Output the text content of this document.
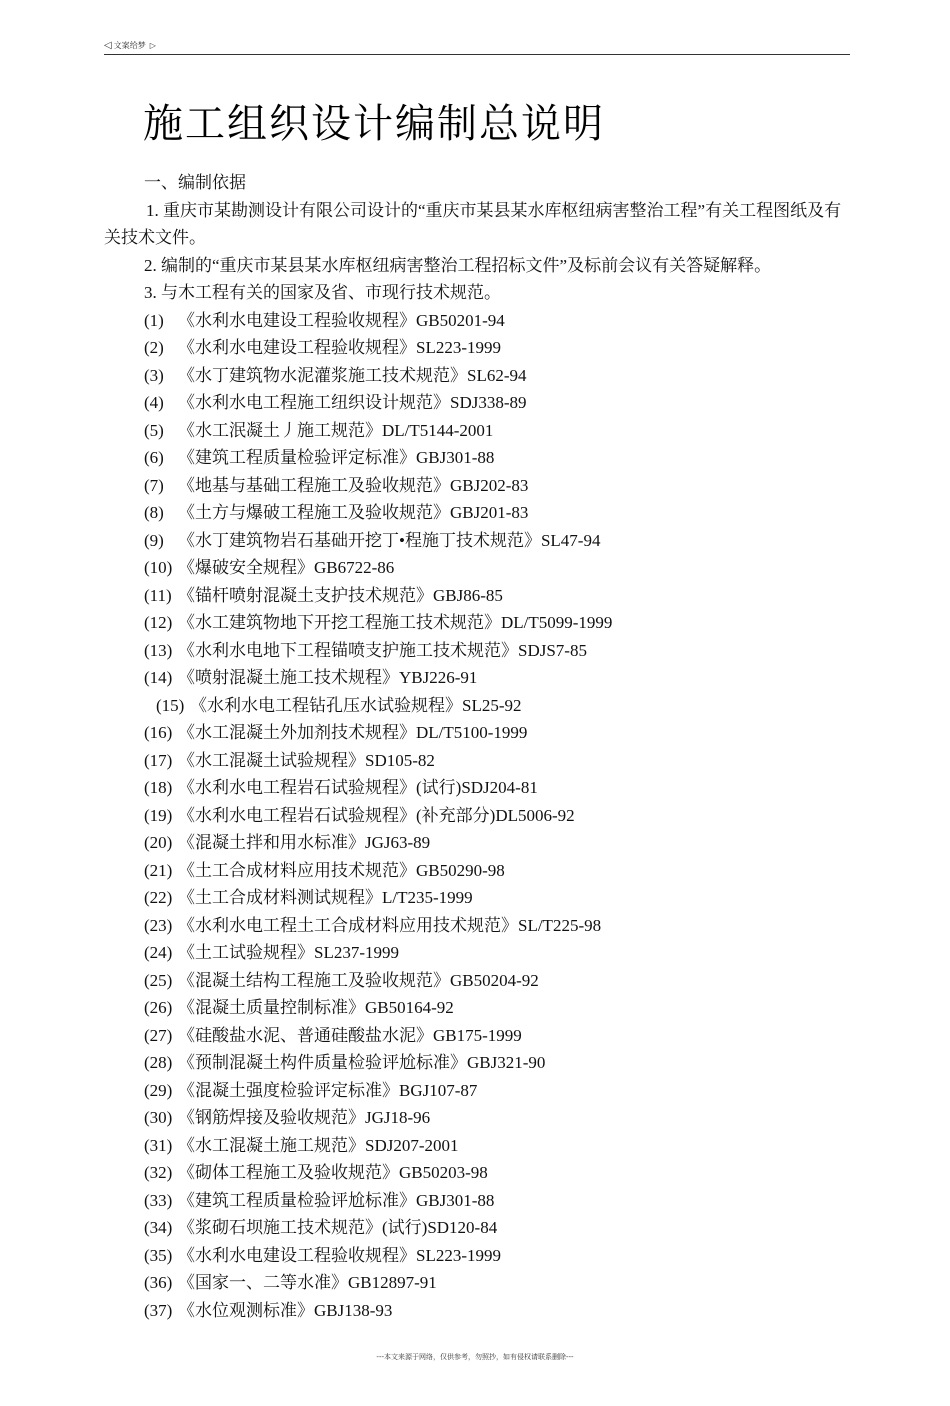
◁ 文案给梦 ▷
施工组织设计编制总说明

一、编制依据

1. 重庆市某勘测设计有限公司设计的“重庆市某县某水库枢纽病害整治工程”有关工程图纸及有关技术文件。

2. 编制的“重庆市某县某水库枢纽病害整治工程招标文件”及标前会议有关答疑解释。

3. 与木工程有关的国家及省、市现行技术规范。

(1) 《水利水电建设工程验收规程》GB50201-94

(2) 《水利水电建设工程验收规程》SL223-1999

(3) 《水丁建筑物水泥灌浆施工技术规范》SL62-94

(4) 《水利水电工程施工纽织设计规范》SDJ338-89

(5) 《水工泯凝土丿施工规范》DL/T5144-2001

(6) 《建筑工程质量检验评定标准》GBJ301-88

(7) 《地基与基础工程施工及验收规范》GBJ202-83

(8) 《土方与爆破工程施工及验收规范》GBJ201-83

(9) 《水丁建筑物岩石基础开挖丁•程施丁技术规范》SL47-94

(10) 《爆破安全规程》GB6722-86

(11) 《锚杆喷射混凝土支护技术规范》GBJ86-85

(12) 《水工建筑物地下开挖工程施工技术规范》DL/T5099-1999

(13) 《水利水电地下工程锚喷支护施工技术规范》SDJS7-85

(14) 《喷射混凝土施工技术规程》YBJ226-91

(15) 《水利水电工程钻孔压水试验规程》SL25-92

(16) 《水工混凝土外加剂技术规程》DL/T5100-1999

(17) 《水工混凝土试验规程》SD105-82

(18) 《水利水电工程岩石试验规程》(试行)SDJ204-81

(19) 《水利水电工程岩石试验规程》(补充部分)DL5006-92

(20) 《混凝土拌和用水标准》JGJ63-89

(21) 《土工合成材料应用技术规范》GB50290-98

(22) 《土工合成材料测试规程》L/T235-1999

(23) 《水利水电工程土工合成材料应用技术规范》SL/T225-98

(24) 《土工试验规程》SL237-1999

(25) 《混凝土结构工程施工及验收规范》GB50204-92

(26) 《混凝土质量控制标准》GB50164-92

(27) 《硅酸盐水泥、普通硅酸盐水泥》GB175-1999

(28) 《预制混凝土构件质量检验评尬标准》GBJ321-90

(29) 《混凝土强度检验评定标准》BGJ107-87

(30) 《钢筋焊接及验收规范》JGJ18-96

(31) 《水工混凝土施工规范》SDJ207-2001

(32) 《砌体工程施工及验收规范》GB50203-98

(33) 《建筑工程质量检验评尬标准》GBJ301-88

(34) 《浆砌石坝施工技术规范》(试行)SD120-84

(35) 《水利水电建设工程验收规程》SL223-1999

(36) 《国家一、二等水准》GB12897-91

(37) 《水位观测标准》GBJ138-93

---本文来源于网络，仅供参考，勿照抄，如有侵权请联系删除---
